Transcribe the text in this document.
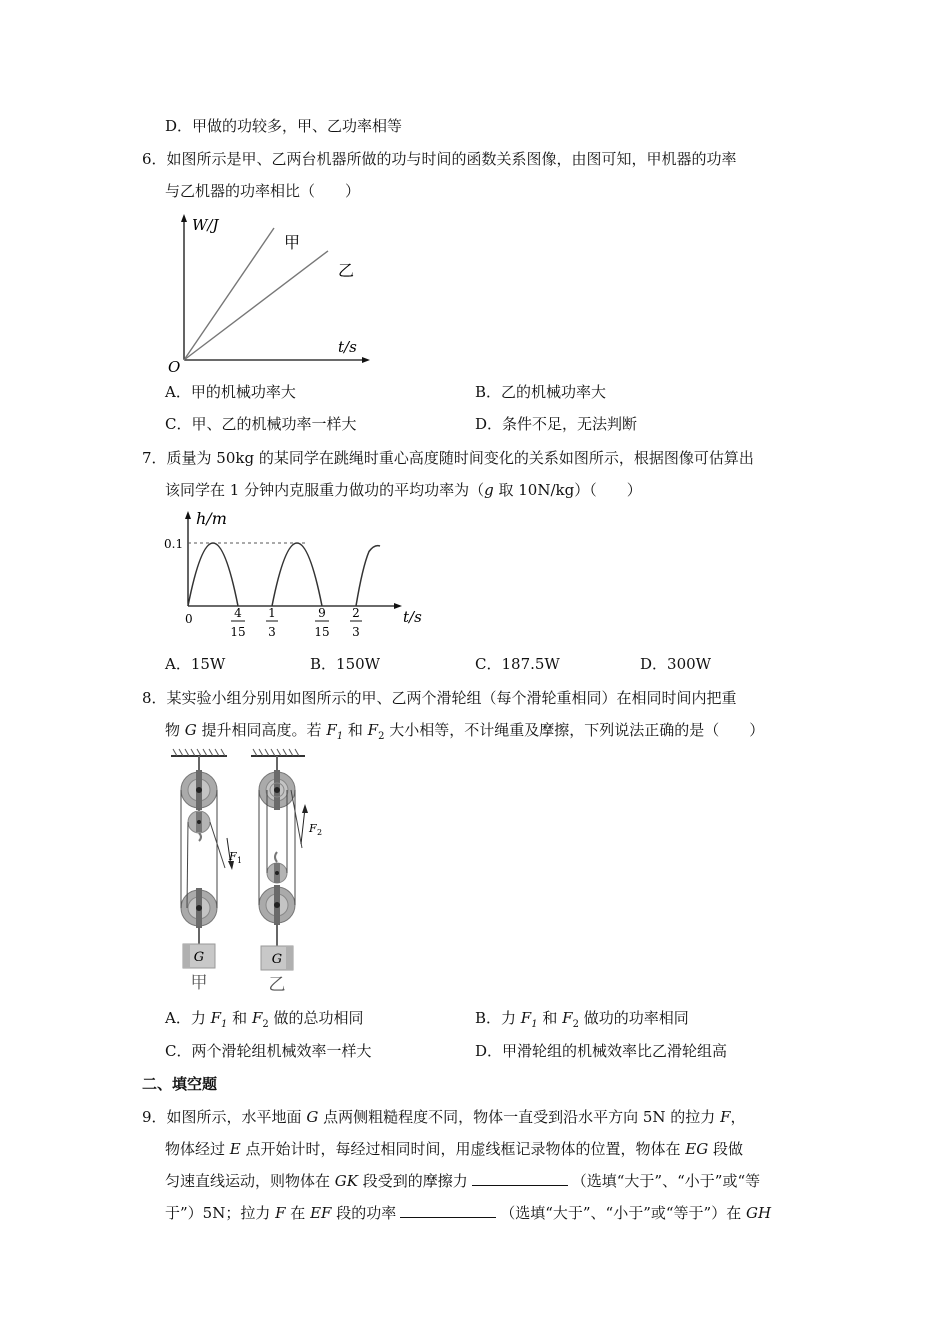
D．甲做的功较多，甲、乙功率相等
6．如图所示是甲、乙两台机器所做的功与时间的函数关系图像，由图可知，甲机器的功率
与乙机器的功率相比（　　）
W/J
t/s
O
甲
乙
A．甲的机械功率大	B．乙的机械功率大
C．甲、乙的机械功率一样大	D．条件不足，无法判断
7．质量为 50kg 的某同学在跳绳时重心高度随时间变化的关系如图所示，根据图像可估算出
该同学在 1 分钟内克服重力做功的平均功率为（g 取 10N/kg）（　　）
h/m
0.1
0	t/s
4
15
1
3
9
15
2
3
A．15W	B．150W	C．187.5W	D．300W
8．某实验小组分别用如图所示的甲、乙两个滑轮组（每个滑轮重相同）在相同时间内把重
物 G 提升相同高度。若 $F_1$ 和 $F_2$ 大小相等，不计绳重及摩擦，下列说法正确的是（　　）
F 1
G
甲
F 2
G
乙
A．力 $F_1$ 和 $F_2$ 做的总功相同	B．力 $F_1$ 和 $F_2$ 做功的功率相同
C．两个滑轮组机械效率一样大	D．甲滑轮组的机械效率比乙滑轮组高
二、填空题
9．如图所示，水平地面 G 点两侧粗糙程度不同，物体一直受到沿水平方向 5N 的拉力 F，
物体经过 E 点开始计时，每经过相同时间，用虚线框记录物体的位置，物体在 EG 段做
匀速直线运动，则物体在 GK 段受到的摩擦力	（选填“大于”、“小于”或“等
于”）5N；拉力 F 在 EF 段的功率	（选填“大于”、“小于”或“等于”）在 GH
